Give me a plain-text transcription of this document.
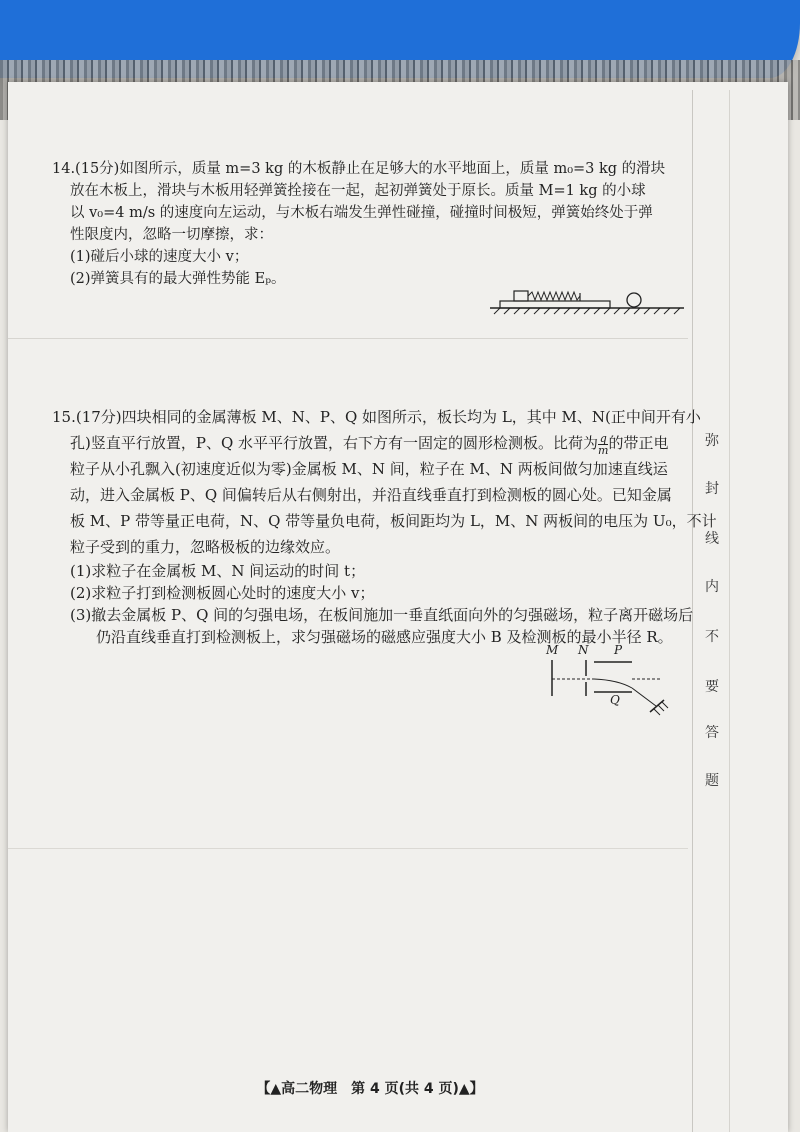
弥
封
线
内
不
要
答
题

14.(15分)如图所示，质量 m=3 kg 的木板静止在足够大的水平地面上，质量 m₀=3 kg 的滑块

放在木板上，滑块与木板用轻弹簧拴接在一起，起初弹簧处于原长。质量 M=1 kg 的小球

以 v₀=4 m/s 的速度向左运动，与木板右端发生弹性碰撞，碰撞时间极短，弹簧始终处于弹

性限度内，忽略一切摩擦，求：

(1)碰后小球的速度大小 v；

(2)弹簧具有的最大弹性势能 Eₚ。

15.(17分)四块相同的金属薄板 M、N、P、Q 如图所示，板长均为 L，其中 M、N(正中间开有小

孔)竖直平行放置，P、Q 水平平行放置，右下方有一固定的圆形检测板。比荷为 $\frac{q}{m}$ 的带正电

粒子从小孔飘入(初速度近似为零)金属板 M、N 间，粒子在 M、N 两板间做匀加速直线运

动，进入金属板 P、Q 间偏转后从右侧射出，并沿直线垂直打到检测板的圆心处。已知金属

板 M、P 带等量正电荷，N、Q 带等量负电荷，板间距均为 L，M、N 两板间的电压为 U₀，不计

粒子受到的重力，忽略极板的边缘效应。

(1)求粒子在金属板 M、N 间运动的时间 t；

(2)求粒子打到检测板圆心处时的速度大小 v；

(3)撤去金属板 P、Q 间的匀强电场，在板间施加一垂直纸面向外的匀强磁场，粒子离开磁场后

仍沿直线垂直打到检测板上，求匀强磁场的磁感应强度大小 B 及检测板的最小半径 R。

M N P
Q
【▲高二物理　第 4 页(共 4 页)▲】
